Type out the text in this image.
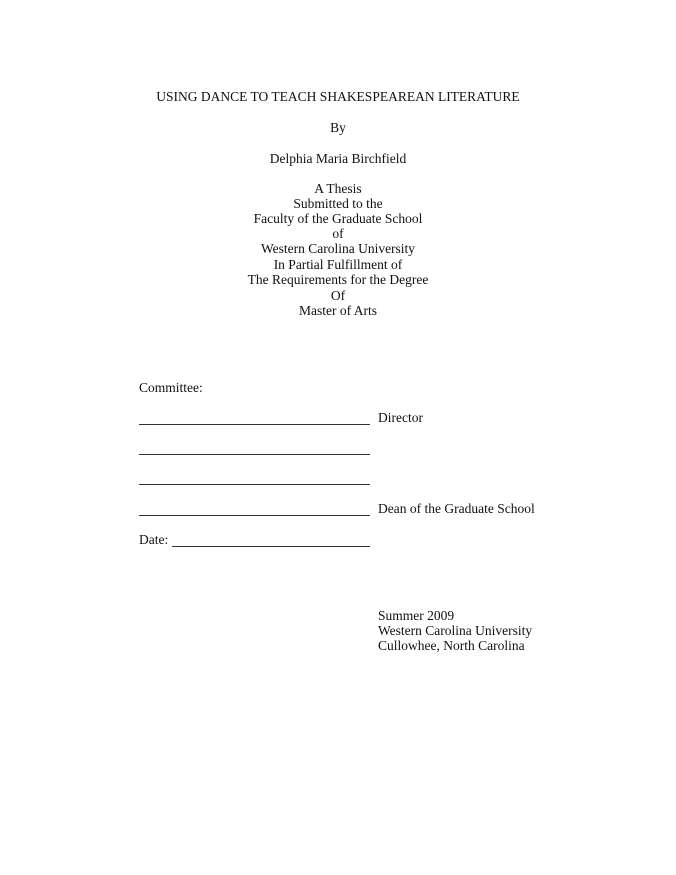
USING DANCE TO TEACH SHAKESPEAREAN LITERATURE
By
Delphia Maria Birchfield
A Thesis
Submitted to the
Faculty of the Graduate School
of
Western Carolina University
In Partial Fulfillment of
The Requirements for the Degree
Of
Master of Arts
Committee:
Director
Dean of the Graduate School
Date:
Summer 2009
Western Carolina University
Cullowhee, North Carolina
